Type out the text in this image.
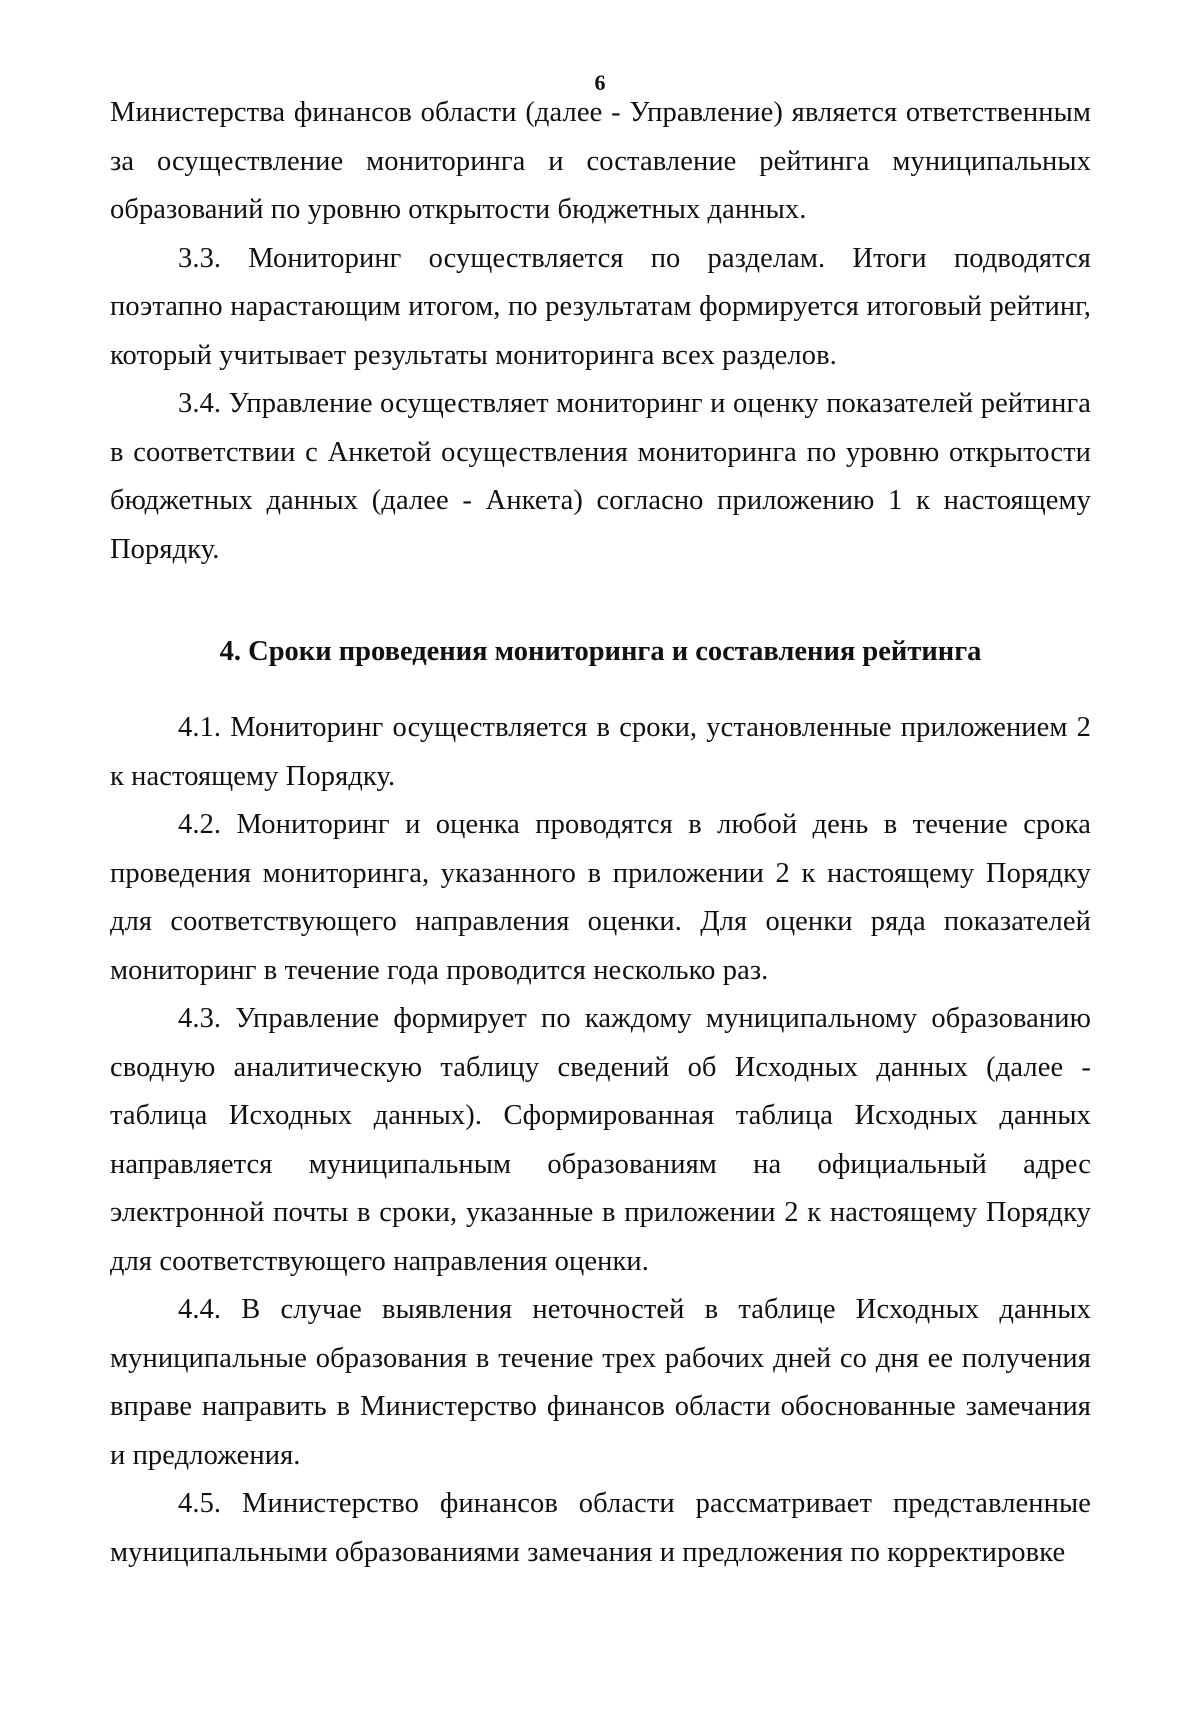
6

Министерства финансов области (далее - Управление) является ответственным за осуществление мониторинга и составление рейтинга муниципальных образований по уровню открытости бюджетных данных.

3.3. Мониторинг осуществляется по разделам. Итоги подводятся поэтапно нарастающим итогом, по результатам формируется итоговый рейтинг, который учитывает результаты мониторинга всех разделов.

3.4. Управление осуществляет мониторинг и оценку показателей рейтинга в соответствии с Анкетой осуществления мониторинга по уровню открытости бюджетных данных (далее - Анкета) согласно приложению 1 к настоящему Порядку.

4. Сроки проведения мониторинга и составления рейтинга

4.1. Мониторинг осуществляется в сроки, установленные приложением 2 к настоящему Порядку.

4.2. Мониторинг и оценка проводятся в любой день в течение срока проведения мониторинга, указанного в приложении 2 к настоящему Порядку для соответствующего направления оценки. Для оценки ряда показателей мониторинг в течение года проводится несколько раз.

4.3. Управление формирует по каждому муниципальному образованию сводную аналитическую таблицу сведений об Исходных данных (далее - таблица Исходных данных). Сформированная таблица Исходных данных направляется муниципальным образованиям на официальный адрес электронной почты в сроки, указанные в приложении 2 к настоящему Порядку для соответствующего направления оценки.

4.4. В случае выявления неточностей в таблице Исходных данных муниципальные образования в течение трех рабочих дней со дня ее получения вправе направить в Министерство финансов области обоснованные замечания и предложения.

4.5. Министерство финансов области рассматривает представленные муниципальными образованиями замечания и предложения по корректировке
